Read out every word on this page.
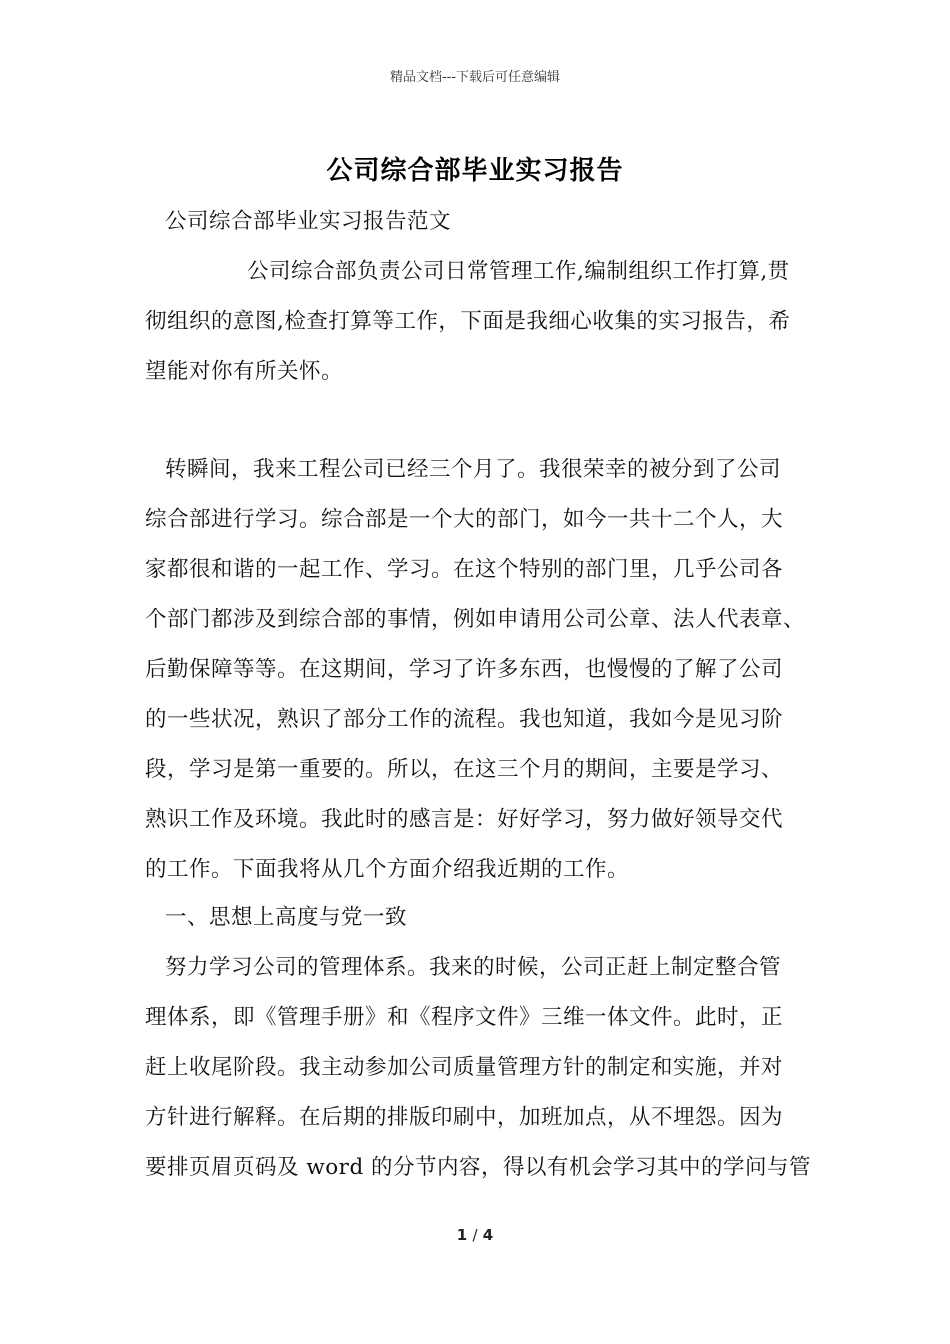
精品文档---下载后可任意编辑
公司综合部毕业实习报告
公司综合部毕业实习报告范文
公司综合部负责公司日常管理工作,编制组织工作打算,贯
彻组织的意图,检查打算等工作，下面是我细心收集的实习报告，希
望能对你有所关怀。
转瞬间，我来工程公司已经三个月了。我很荣幸的被分到了公司
综合部进行学习。综合部是一个大的部门，如今一共十二个人，大
家都很和谐的一起工作、学习。在这个特别的部门里，几乎公司各
个部门都涉及到综合部的事情，例如申请用公司公章、法人代表章、
后勤保障等等。在这期间，学习了许多东西，也慢慢的了解了公司
的一些状况，熟识了部分工作的流程。我也知道，我如今是见习阶
段，学习是第一重要的。所以，在这三个月的期间，主要是学习、
熟识工作及环境。我此时的感言是：好好学习，努力做好领导交代
的工作。下面我将从几个方面介绍我近期的工作。
一、思想上高度与党一致
努力学习公司的管理体系。我来的时候，公司正赶上制定整合管
理体系，即《管理手册》和《程序文件》三维一体文件。此时，正
赶上收尾阶段。我主动参加公司质量管理方针的制定和实施，并对
方针进行解释。在后期的排版印刷中，加班加点，从不埋怨。因为
要排页眉页码及 word 的分节内容，得以有机会学习其中的学问与管
1 / 4
